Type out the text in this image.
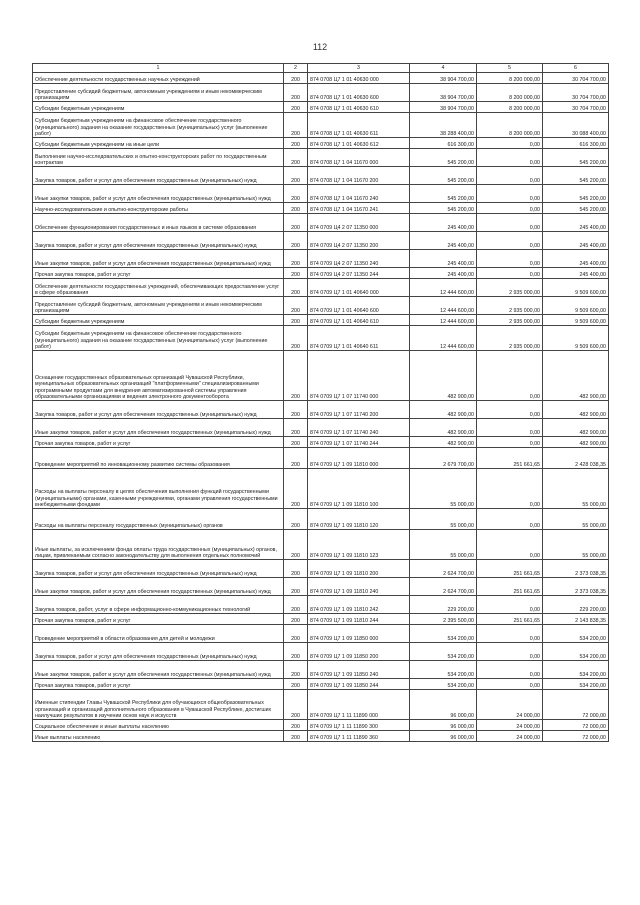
112
1	2	3	4	5	6
Обеспечение деятельности государственных научных учреждений	200	874 0708 Ц7 1 01 40630 000	38 904 700,00	8 200 000,00	30 704 700,00
Предоставление субсидий бюджетным, автономным учреждениям и иным некоммерческим организациям	200	874 0708 Ц7 1 01 40630 600	38 904 700,00	8 200 000,00	30 704 700,00
Субсидии бюджетным учреждениям	200	874 0708 Ц7 1 01 40630 610	38 904 700,00	8 200 000,00	30 704 700,00
Субсидии бюджетным учреждениям на финансовое обеспечение государственного (муниципального) задания на оказание государственных (муниципальных) услуг (выполнение работ)	200	874 0708 Ц7 1 01 40630 611	38 288 400,00	8 200 000,00	30 088 400,00
Субсидии бюджетным учреждениям на иные цели	200	874 0708 Ц7 1 01 40630 612	616 300,00	0,00	616 300,00
Выполнение научно-исследовательских и опытно-конструкторских работ по государственным контрактам	200	874 0708 Ц7 1 04 11670 000	545 200,00	0,00	545 200,00
Закупка товаров, работ и услуг для обеспечения государственных (муниципальных) нужд	200	874 0708 Ц7 1 04 11670 200	545 200,00	0,00	545 200,00
Иные закупки товаров, работ и услуг для обеспечения государственных (муниципальных) нужд	200	874 0708 Ц7 1 04 11670 240	545 200,00	0,00	545 200,00
Научно-исследовательские и опытно-конструкторские работы	200	874 0708 Ц7 1 04 11670 241	545 200,00	0,00	545 200,00
Обеспечение функционирования государственных и иных языков в системе образования	200	874 0709 Ц4 2 07 11350 000	245 400,00	0,00	245 400,00
Закупка товаров, работ и услуг для обеспечения государственных (муниципальных) нужд	200	874 0709 Ц4 2 07 11350 200	245 400,00	0,00	245 400,00
Иные закупки товаров, работ и услуг для обеспечения государственных (муниципальных) нужд	200	874 0709 Ц4 2 07 11350 240	245 400,00	0,00	245 400,00
Прочая закупка товаров, работ и услуг	200	874 0709 Ц4 2 07 11350 244	245 400,00	0,00	245 400,00
Обеспечение деятельности государственных учреждений, обеспечивающих предоставление услуг в сфере образования	200	874 0709 Ц7 1 01 40640 000	12 444 600,00	2 935 000,00	9 509 600,00
Предоставление субсидий бюджетным, автономным учреждениям и иным некоммерческим организациям	200	874 0709 Ц7 1 01 40640 600	12 444 600,00	2 935 000,00	9 509 600,00
Субсидии бюджетным учреждениям	200	874 0709 Ц7 1 01 40640 610	12 444 600,00	2 935 000,00	9 509 600,00
Субсидии бюджетным учреждениям на финансовое обеспечение государственного (муниципального) задания на оказание государственных (муниципальных) услуг (выполнение работ)	200	874 0709 Ц7 1 01 40640 611	12 444 600,00	2 935 000,00	9 509 600,00
Оснащение государственных образовательных организаций Чувашской Республики, муниципальных образовательных организаций "платформенными" специализированными программными продуктами для внедрения автоматизированной системы управления образовательными организациями и ведения электронного документооборота	200	874 0709 Ц7 1 07 11740 000	482 900,00	0,00	482 900,00
Закупка товаров, работ и услуг для обеспечения государственных (муниципальных) нужд	200	874 0709 Ц7 1 07 11740 200	482 900,00	0,00	482 900,00
Иные закупки товаров, работ и услуг для обеспечения государственных (муниципальных) нужд	200	874 0709 Ц7 1 07 11740 240	482 900,00	0,00	482 900,00
Прочая закупка товаров, работ и услуг	200	874 0709 Ц7 1 07 11740 244	482 900,00	0,00	482 900,00
Проведение мероприятий по инновационному развитию системы образования	200	874 0709 Ц7 1 09 11810 000	2 679 700,00	251 661,65	2 428 038,35
Расходы на выплаты персоналу в целях обеспечения выполнения функций государственными (муниципальными) органами, казенными учреждениями, органами управления государственными внебюджетными фондами	200	874 0709 Ц7 1 09 11810 100	55 000,00	0,00	55 000,00
Расходы на выплаты персоналу государственных (муниципальных) органов	200	874 0709 Ц7 1 09 11810 120	55 000,00	0,00	55 000,00
Иные выплаты, за исключением фонда оплаты труда государственных (муниципальных) органов, лицам, привлекаемым согласно законодательству для выполнения отдельных полномочий	200	874 0709 Ц7 1 09 11810 123	55 000,00	0,00	55 000,00
Закупка товаров, работ и услуг для обеспечения государственных (муниципальных) нужд	200	874 0709 Ц7 1 09 11810 200	2 624 700,00	251 661,65	2 373 038,35
Иные закупки товаров, работ и услуг для обеспечения государственных (муниципальных) нужд	200	874 0709 Ц7 1 09 11810 240	2 624 700,00	251 661,65	2 373 038,35
Закупка товаров, работ, услуг в сфере информационно-коммуникационных технологий	200	874 0709 Ц7 1 09 11810 242	229 200,00	0,00	229 200,00
Прочая закупка товаров, работ и услуг	200	874 0709 Ц7 1 09 11810 244	2 395 500,00	251 661,65	2 143 838,35
Проведение мероприятий в области образования для детей и молодежи	200	874 0709 Ц7 1 09 11850 000	534 200,00	0,00	534 200,00
Закупка товаров, работ и услуг для обеспечения государственных (муниципальных) нужд	200	874 0709 Ц7 1 09 11850 200	534 200,00	0,00	534 200,00
Иные закупки товаров, работ и услуг для обеспечения государственных (муниципальных) нужд	200	874 0709 Ц7 1 09 11850 240	534 200,00	0,00	534 200,00
Прочая закупка товаров, работ и услуг	200	874 0709 Ц7 1 09 11850 244	534 200,00	0,00	534 200,00
Именные стипендии Главы Чувашской Республики для обучающихся общеобразовательных организаций и организаций дополнительного образования в Чувашской Республике, достигших наилучших результатов в изучении основ наук и искусств	200	874 0709 Ц7 1 11 11890 000	96 000,00	24 000,00	72 000,00
Социальное обеспечение и иные выплаты населению	200	874 0709 Ц7 1 11 11890 300	96 000,00	24 000,00	72 000,00
Иные выплаты населению	200	874 0709 Ц7 1 11 11890 360	96 000,00	24 000,00	72 000,00
